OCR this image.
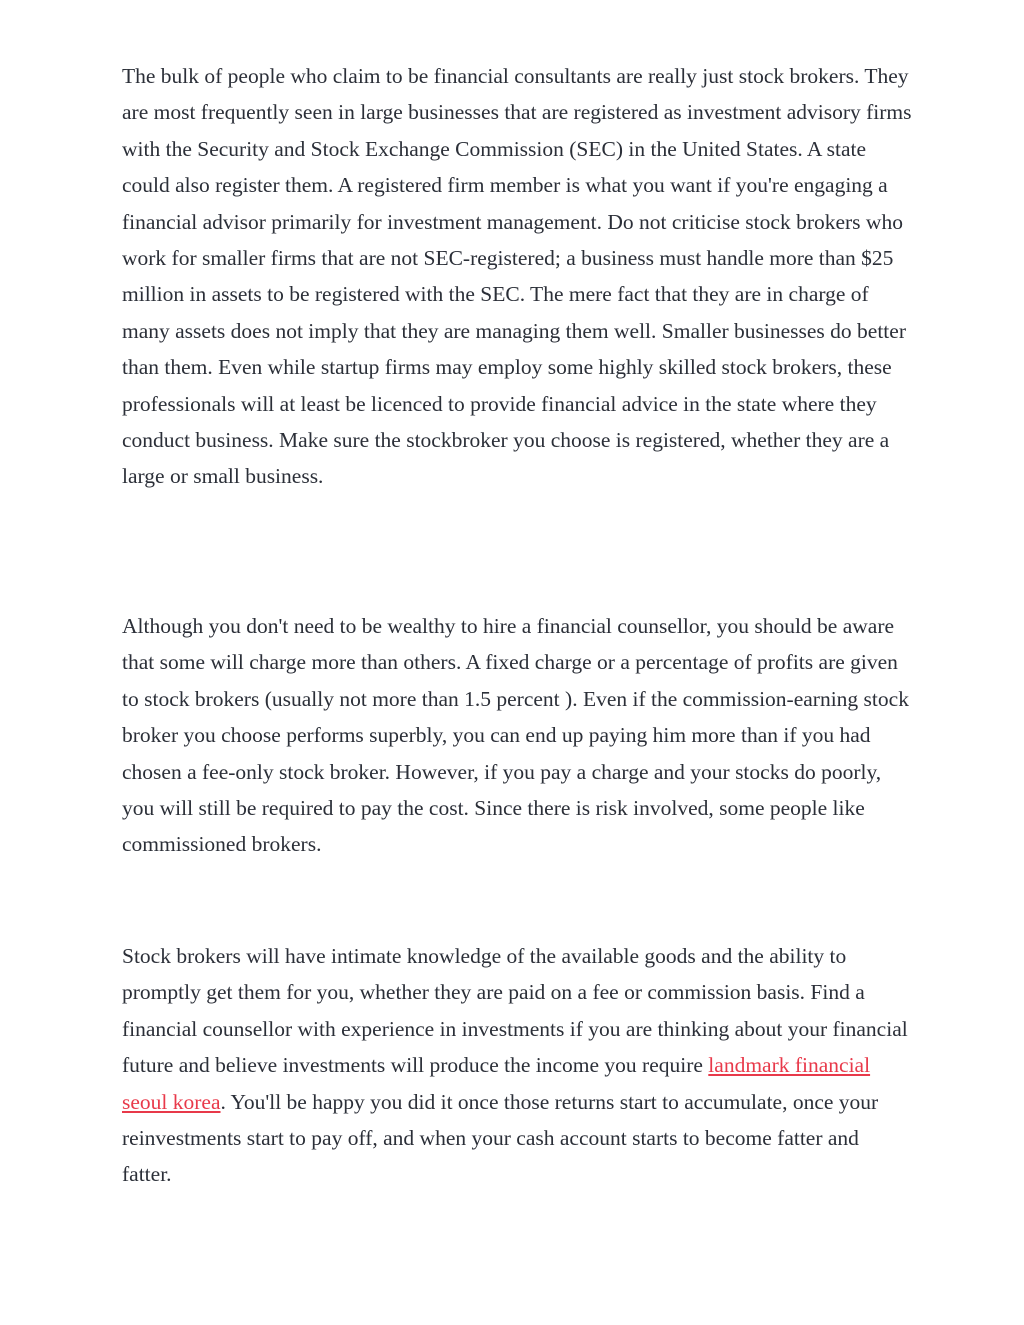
The bulk of people who claim to be financial consultants are really just stock brokers. They are most frequently seen in large businesses that are registered as investment advisory firms with the Security and Stock Exchange Commission (SEC) in the United States. A state could also register them. A registered firm member is what you want if you're engaging a financial advisor primarily for investment management. Do not criticise stock brokers who work for smaller firms that are not SEC-registered; a business must handle more than $25 million in assets to be registered with the SEC. The mere fact that they are in charge of many assets does not imply that they are managing them well. Smaller businesses do better than them. Even while startup firms may employ some highly skilled stock brokers, these professionals will at least be licenced to provide financial advice in the state where they conduct business. Make sure the stockbroker you choose is registered, whether they are a large or small business.

Although you don't need to be wealthy to hire a financial counsellor, you should be aware that some will charge more than others. A fixed charge or a percentage of profits are given to stock brokers (usually not more than 1.5 percent ). Even if the commission-earning stock broker you choose performs superbly, you can end up paying him more than if you had chosen a fee-only stock broker. However, if you pay a charge and your stocks do poorly, you will still be required to pay the cost. Since there is risk involved, some people like commissioned brokers.

Stock brokers will have intimate knowledge of the available goods and the ability to promptly get them for you, whether they are paid on a fee or commission basis. Find a financial counsellor with experience in investments if you are thinking about your financial future and believe investments will produce the income you require landmark financial seoul korea. You'll be happy you did it once those returns start to accumulate, once your reinvestments start to pay off, and when your cash account starts to become fatter and fatter.
